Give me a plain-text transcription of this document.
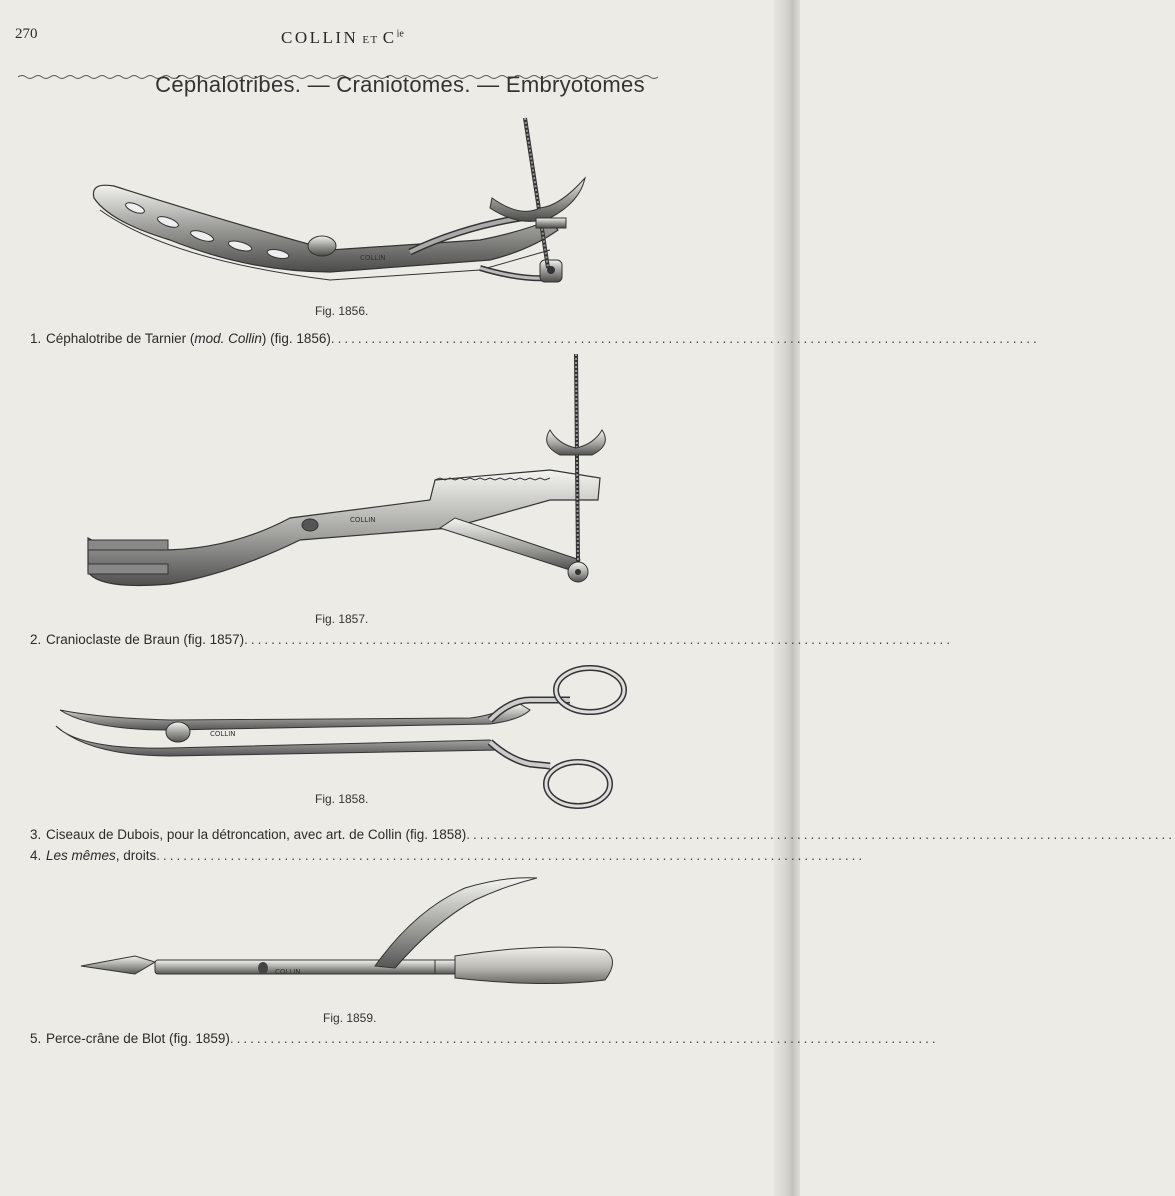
270	COLLIN ET $C^{ie}$
Céphalotribes. — Craniotomes. — Embryotomes
COLLIN
Fig. 1856.
1. Céphalotribe de Tarnier (mod. Collin) (fig. 1856).........................................................................................................
COLLIN
Fig. 1857.
2. Cranioclaste de Braun (fig. 1857).........................................................................................................
COLLIN
Fig. 1858.
3. Ciseaux de Dubois, pour la détroncation, avec art. de Collin (fig. 1858).........................................................................................................
4. Les mêmes, droits.........................................................................................................
COLLIN
Fig. 1859.
5. Perce-crâne de Blot (fig. 1859).........................................................................................................
